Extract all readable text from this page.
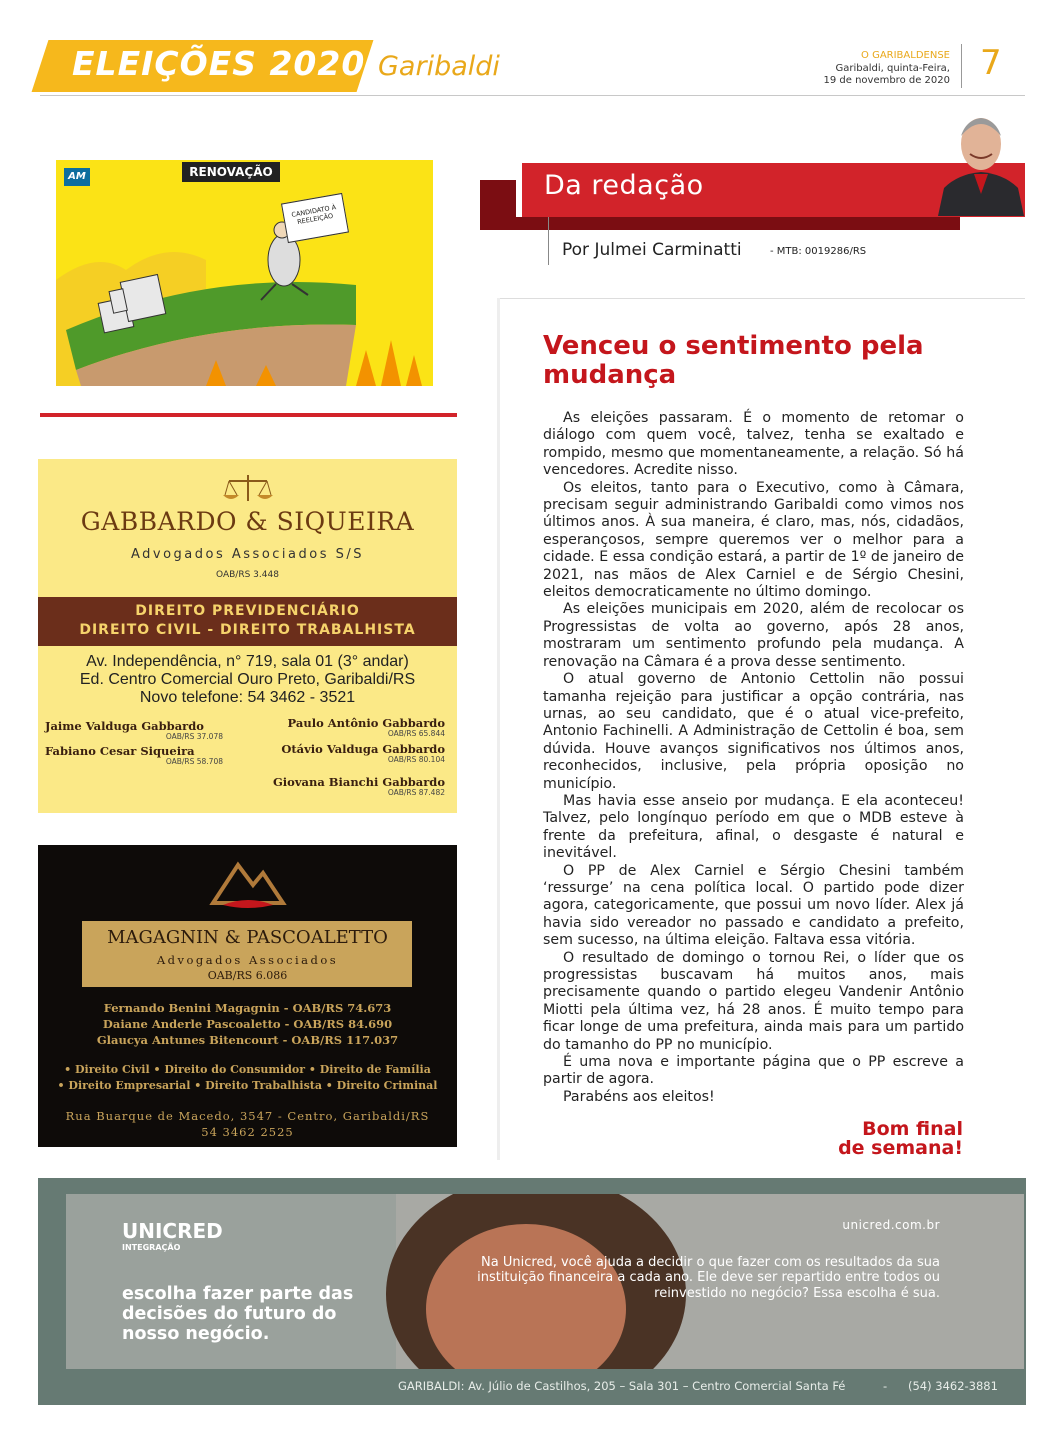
ELEIÇÕES 2020 Garibaldi	O GARIBALDENSE
Garibaldi, quinta-Feira,
19 de novembro de 2020 7
AM	RENOVAÇÃO
CANDIDATO À REELEIÇÃO
GABBARDO & SIQUEIRA
Advogados Associados S/S
OAB/RS 3.448
DIREITO PREVIDENCIÁRIO
DIREITO CIVIL - DIREITO TRABALHISTA
Av. Independência, n° 719, sala 01 (3° andar)
Ed. Centro Comercial Ouro Preto, Garibaldi/RS
Novo telefone: 54 3462 - 3521
Jaime Valduga Gabbardo
OAB/RS 37.078
Fabiano Cesar Siqueira
OAB/RS 58.708
Paulo Antônio Gabbardo
OAB/RS 65.844
Otávio Valduga Gabbardo
OAB/RS 80.104
Giovana Bianchi Gabbardo
OAB/RS 87.482
MAGAGNIN & PASCOALETTO
Advogados Associados
OAB/RS 6.086
Fernando Benini Magagnin - OAB/RS 74.673
Daiane Anderle Pascoaletto - OAB/RS 84.690
Glaucya Antunes Bitencourt - OAB/RS 117.037
• Direito Civil • Direito do Consumidor • Direito de Família
• Direito Empresarial • Direito Trabalhista • Direito Criminal
Rua Buarque de Macedo, 3547 - Centro, Garibaldi/RS
54 3462 2525
Da redação
Por Julmei Carminatti	- MTB: 0019286/RS
Venceu o sentimento pela mudança

As eleições passaram. É o momento de retomar o diálogo com quem você, talvez, tenha se exaltado e rompido, mesmo que momentaneamente, a relação. Só há vencedores. Acredite nisso.

Os eleitos, tanto para o Executivo, como à Câmara, precisam seguir administrando Garibaldi como vimos nos últimos anos. À sua maneira, é claro, mas, nós, cidadãos, esperançosos, sempre queremos ver o melhor para a cidade. E essa condição estará, a partir de 1º de janeiro de 2021, nas mãos de Alex Carniel e de Sérgio Chesini, eleitos democraticamente no último domingo.

As eleições municipais em 2020, além de recolocar os Progressistas de volta ao governo, após 28 anos, mostraram um sentimento profundo pela mudança. A renovação na Câmara é a prova desse sentimento.

O atual governo de Antonio Cettolin não possui tamanha rejeição para justificar a opção contrária, nas urnas, ao seu candidato, que é o atual vice-prefeito, Antonio Fachinelli. A Administração de Cettolin é boa, sem dúvida. Houve avanços significativos nos últimos anos, reconhecidos, inclusive, pela própria oposição no município.

Mas havia esse anseio por mudança. E ela aconteceu! Talvez, pelo longínquo período em que o MDB esteve à frente da prefeitura, afinal, o desgaste é natural e inevitável.

O PP de Alex Carniel e Sérgio Chesini também ‘ressurge’ na cena política local. O partido pode dizer agora, categoricamente, que possui um novo líder. Alex já havia sido vereador no passado e candidato a prefeito, sem sucesso, na última eleição. Faltava essa vitória.

O resultado de domingo o tornou Rei, o líder que os progressistas buscavam há muitos anos, mais precisamente quando o partido elegeu Vandenir Antônio Miotti pela última vez, há 28 anos. É muito tempo para ficar longe de uma prefeitura, ainda mais para um partido do tamanho do PP no município.

É uma nova e importante página que o PP escreve a partir de agora.

Parabéns aos eleitos!

Bom final
de semana!
UNICRED
INTEGRAÇÃO
escolha fazer parte das decisões do futuro do nosso negócio.
unicred.com.br
Na Unicred, você ajuda a decidir o que fazer com os resultados da sua instituição financeira a cada ano. Ele deve ser repartido entre todos ou reinvestido no negócio? Essa escolha é sua.
GARIBALDI: Av. Júlio de Castilhos, 205 – Sala 301 – Centro Comercial Santa Fé	- (54) 3462-3881
